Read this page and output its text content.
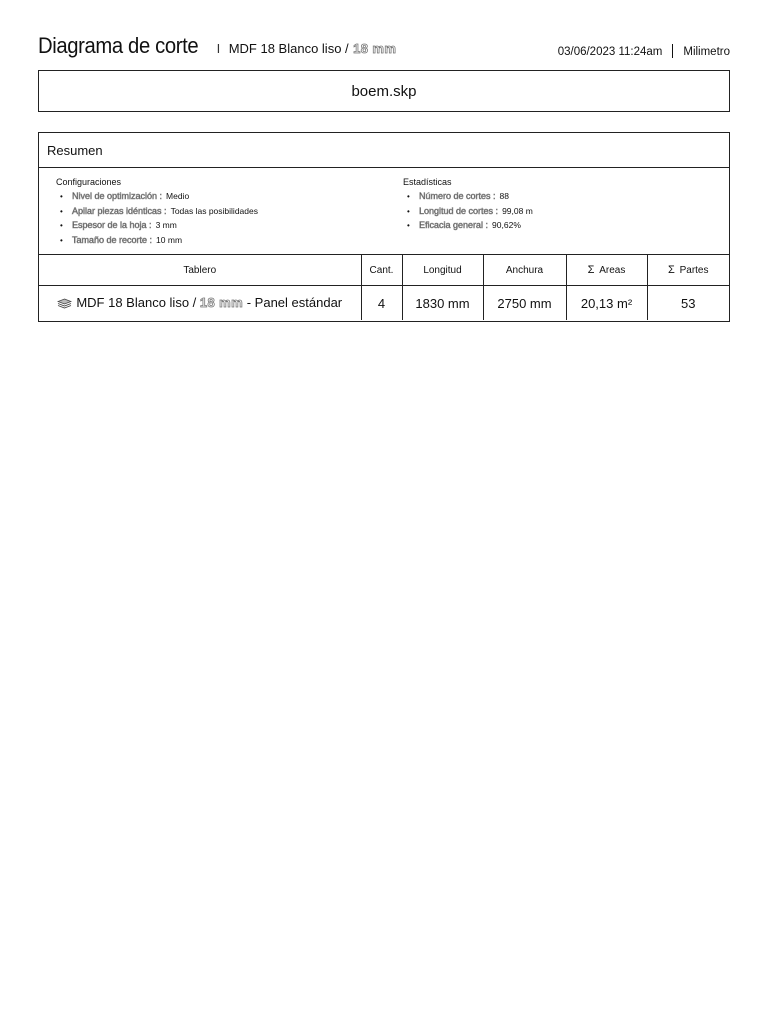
Diagrama de corte I MDF 18 Blanco liso / 18 mm	03/06/2023 11:24am Milimetro
boem.skp
Resumen
Configuraciones
• Nivel de optimización : Medio
• Apilar piezas idénticas : Todas las posibilidades
• Espesor de la hoja : 3 mm
• Tamaño de recorte : 10 mm
Estadísticas
• Número de cortes : 88
• Longitud de cortes : 99,08 m
• Eficacia general : 90,62%
Tablero	Cant.	Longitud	Anchura	Σ Areas	Σ Partes
MDF 18 Blanco liso / 18 mm - Panel estándar	4	1830 mm	2750 mm	20,13 m²	53
